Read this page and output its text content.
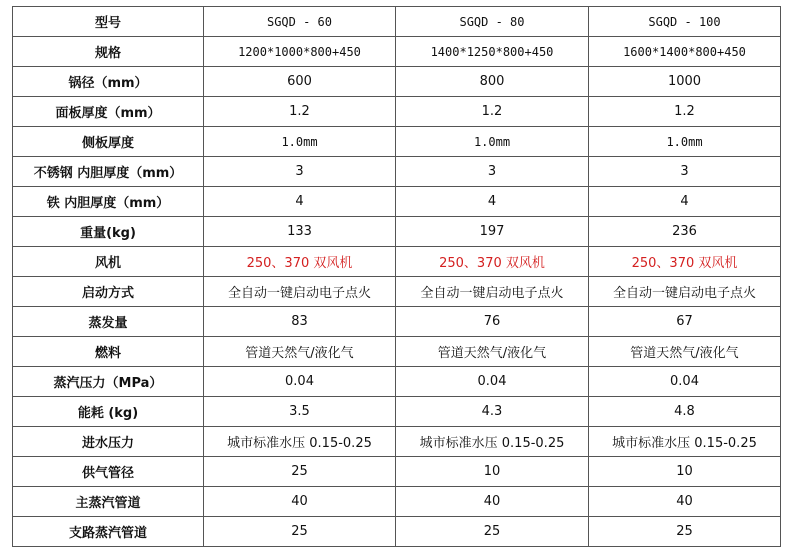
型号	SGQD - 60	SGQD - 80	SGQD - 100
规格	1200*1000*800+450	1400*1250*800+450	1600*1400*800+450
锅径（mm）	600	800	1000
面板厚度（mm）	1.2	1.2	1.2
侧板厚度	1.0mm	1.0mm	1.0mm
不锈钢 内胆厚度（mm）	3	3	3
铁 内胆厚度（mm）	4	4	4
重量(kg)	133	197	236
风机	250、370 双风机	250、370 双风机	250、370 双风机
启动方式	全自动一键启动电子点火	全自动一键启动电子点火	全自动一键启动电子点火
蒸发量	83	76	67
燃料	管道天然气/液化气	管道天然气/液化气	管道天然气/液化气
蒸汽压力（MPa）	0.04	0.04	0.04
能耗 (kg)	3.5	4.3	4.8
进水压力	城市标准水压 0.15-0.25	城市标准水压 0.15-0.25	城市标准水压 0.15-0.25
供气管径	25	10	10
主蒸汽管道	40	40	40
支路蒸汽管道	25	25	25
